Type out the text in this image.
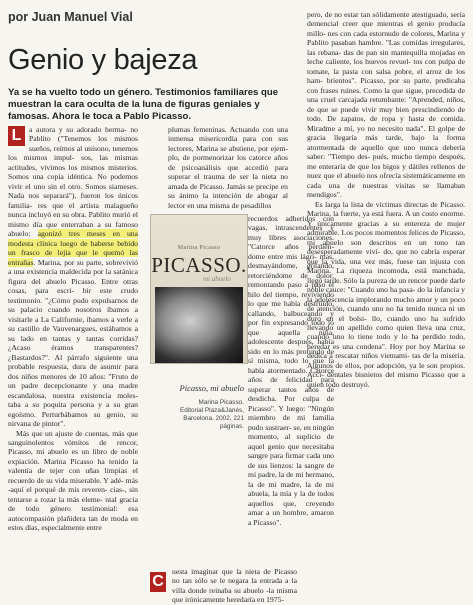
por Juan Manuel Vial
Genio y bajeza
Ya se ha vuelto todo un género. Testimonios familiares que muestran la cara oculta de la luna de figuras geniales y famosas. Ahora le toca a Pablo Picasso.

L a autora y su adorado herma- no Pablito ("Tenemos los mismos sueños, reímos al unísono, tenemos los mismos impul- sos, las mismas actitudes, vivimos los mismos misterios. Somos una copia idéntica. No podemos vivir el uno sin el otro. Somos siameses. Nada nos separará"), fueron los únicos familia- res que el artista malagueño nunca incluyó en su obra. Pablito murió el mismo día que enterraban a su famoso abuelo: agonizó tres meses en una modesta clínica luego de haberse bebido un frasco de lejía que le quemó las entrañas. Marina, por su parte, sobrevivió a una existencia maldecida por la satánica figura del abuelo Picasso. Entre otras cosas, para escri- bir este crudo testimonio. "¿Cómo pudo expulsarnos de su palacio cuando nosotros íbamos a visitarle a La Californie, íbamos a verle a su castillo de Vauvenargues, estábamos a su lado en tantas y tantas corridas? ¿Acaso éramos transparentes? ¿Bastardos?". Al párrafo siguiente una probable respuesta, dura de asumir para dos niños menores de 10 años: "Fruto de un padre decepcionante y una madre escandalosa, nuestra existencia moles- taba a su poquita persona y a su gran egoísmo. Perturbábamos su genio, su nirvana de pintor".

Más que un ajuste de cuentas, más que sanguinolentos vómitos de rencor, Picasso, mi abuelo es un libro de noble expiación. Marina Picasso ha tenido la valentía de tejer con uñas limpias el recuerdo de su vida miserable. Y adé- más -aquí el porqué de mis reveren- cias-, sin tentarse a rozar la más eleme- ntal gracia de todo género testimonial: esa autocompasión plañidera tan de moda en estos días, especialmente entre

plumas femeninas. Actuando con una inmensa misericordia para con sus lectores, Marina se abstiene, por ejem- plo, de pormenorizar los catorce años de psicoanálisis que accedió para superar el trauma de ser la nieta no amada de Picasso. Jamás se precipe en su ánimo la intención de abogar al lector en una misma de pesadillos

Marina Picasso
PICASSO.
mi abuelo
Picasso, mi abuelo
Marina Picasso.
Editorial Plaza&Janés,
Barcelona, 2002, 221 páginas.

recuerdos adheridos con vagas, intrascendentes y muy libres asociaciones. "Catorce años perdién- dome entre mis lágri- mas, desmayándome, gritando, retorciéndome de dolor, remontando paso a paso el hilo del tiempo, reviviendo lo que me había destruido, callando, balbuceando y por fin expresando todo lo que aquella niña, adolescente después, había sido en lo más profundo de sí misma, todo lo que la había atormentado. Catorce años de felicidad para superar tantos años de desdicha. Por culpa de Picasso". Y luego: "Ningún miembro de mi familia pudo sustraer- se, en ningún momento, al suplicio de aquel genio que necesitaba sangre para firmar cada uno de sus lienzos: la sangre de mi padre, la de mi hermano, la de mi madre, la de mi abuela, la mía y la de todos aquellos que, creyendo amar a un hombre, amaron a Picasso".

C

uesta imaginar que la nieta de Picasso no tan sólo se le negara la entrada a la villa donde reinaba su abuelo -la misma que irónicamente heredaría en 1975-

pero, de no estar tan sólidamente atestiguado, sería demencial creer que mientras el genio producía millo- nes con cada estornudo de colores, Marina y Pablito pasaban hambre. "Las comidas irregulares, las rebana- das de pan sin mantequilla mojadas en leche caliente, los huevos revuel- tos con pulpa de tomate, la pasta con salsa pobre, el arroz de los ham- brientos". Picasso, por su parte, predicaba con frases ruines. Como la que sigue, precedida de una cruel carcajada retumbante: "Aprended, niños, de que se puede vivir muy bien prescindiendo de todo. De zapatos, de ropa y hasta de comida. Miradme a mí, yo no necesito nada". El golpe de gracia llegaría más tarde, bajo la forma atormentada de aquello que uno nunca debería saber: "Tiempo des- pués, mucho tiempo después, me enteraría de que los bigos y dátiles rellenos de nuez que el abuelo nos ofrecía sistemáticamente en cada una de nuestras visitas se llamaban mendigos".

Es larga la lista de víctimas directas de Picasso. Marina, la fuerte, ya está fuera. A un costo enorme. Y únicamente gracias a su entereza de mujer admirable. Los pocos momentos felices de Picasso, mi abuelo son descritos en un tono tan desesperadamente viví- do, que no cabría esperar que la vida, una vez más, fuese tan injusta con Marina. La riqueza incomoda, está manchada, llegó tarde. Sólo la pureza de un rencor puede darle noble cauce: "Cuando uno ha pasa- do la infancia y la adolescencia implorando mucho amor y un poco de atención, cuando uno no ha tenido nunca ni un duro en el bolsi- llo, cuando uno ha sufrido llevando un apellido como quien lleva una cruz, cuando uno lo tiene todo y lo ha perdido todo, heredar es una condena". Hoy por hoy Marina se dedica a rescatar niños vietnami- tas de la miseria. Algunos de ellos, por adopción, ya le son propios. Acci- dentales bisnietos del mismo Picasso que a quien todo destruyó.
